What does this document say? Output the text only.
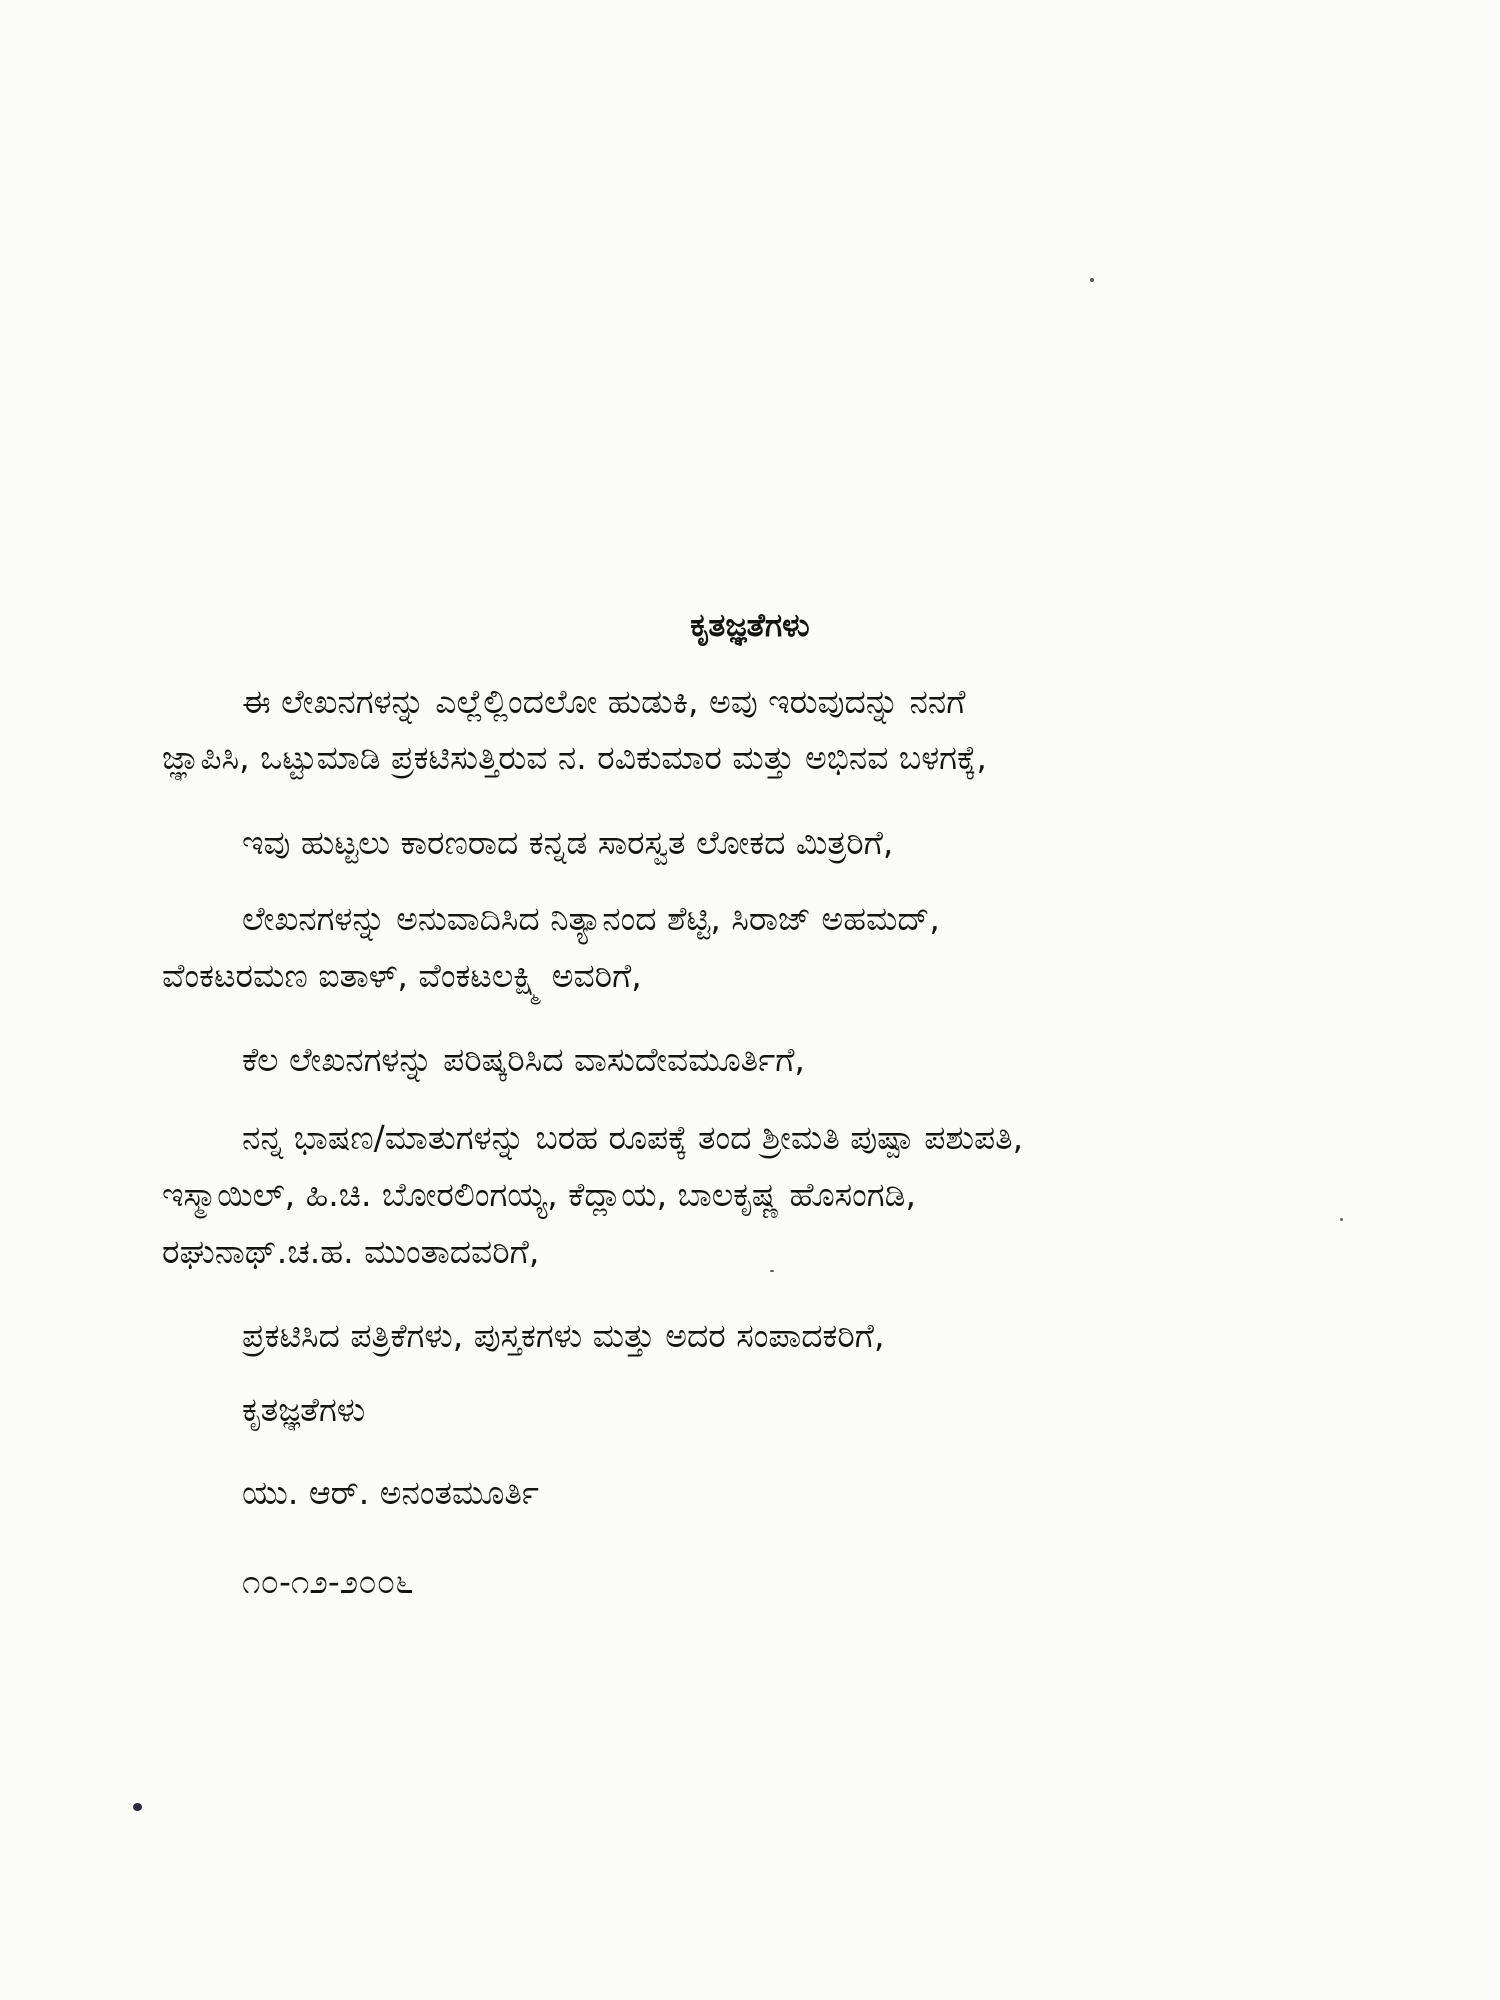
ಕೃತಜ್ಞತೆಗಳು

ಈ ಲೇಖನಗಳನ್ನು ಎಲ್ಲೆಲ್ಲಿಂದಲೋ ಹುಡುಕಿ, ಅವು ಇರುವುದನ್ನು ನನಗೆ

ಜ್ಞಾಪಿಸಿ, ಒಟ್ಟುಮಾಡಿ ಪ್ರಕಟಿಸುತ್ತಿರುವ ನ. ರವಿಕುಮಾರ ಮತ್ತು ಅಭಿನವ ಬಳಗಕ್ಕೆ,

ಇವು ಹುಟ್ಟಲು ಕಾರಣರಾದ ಕನ್ನಡ ಸಾರಸ್ವತ ಲೋಕದ ಮಿತ್ರರಿಗೆ,

ಲೇಖನಗಳನ್ನು ಅನುವಾದಿಸಿದ ನಿತ್ಯಾನಂದ ಶೆಟ್ಟಿ, ಸಿರಾಜ್ ಅಹಮದ್,

ವೆಂಕಟರಮಣ ಐತಾಳ್, ವೆಂಕಟಲಕ್ಷ್ಮಿ ಅವರಿಗೆ,

ಕೆಲ ಲೇಖನಗಳನ್ನು ಪರಿಷ್ಕರಿಸಿದ ವಾಸುದೇವಮೂರ್ತಿಗೆ,

ನನ್ನ ಭಾಷಣ/ಮಾತುಗಳನ್ನು ಬರಹ ರೂಪಕ್ಕೆ ತಂದ ಶ್ರೀಮತಿ ಪುಷ್ಪಾ ಪಶುಪತಿ,

ಇಸ್ಮಾಯಿಲ್, ಹಿ.ಚಿ. ಬೋರಲಿಂಗಯ್ಯ, ಕೆದ್ಲಾಯ, ಬಾಲಕೃಷ್ಣ ಹೊಸಂಗಡಿ,

ರಘುನಾಥ್.ಚ.ಹ. ಮುಂತಾದವರಿಗೆ,

ಪ್ರಕಟಿಸಿದ ಪತ್ರಿಕೆಗಳು, ಪುಸ್ತಕಗಳು ಮತ್ತು ಅದರ ಸಂಪಾದಕರಿಗೆ,

ಕೃತಜ್ಞತೆಗಳು

ಯು. ಆರ್. ಅನಂತಮೂರ್ತಿ

೧೦-೧೨-೨೦೦೬
